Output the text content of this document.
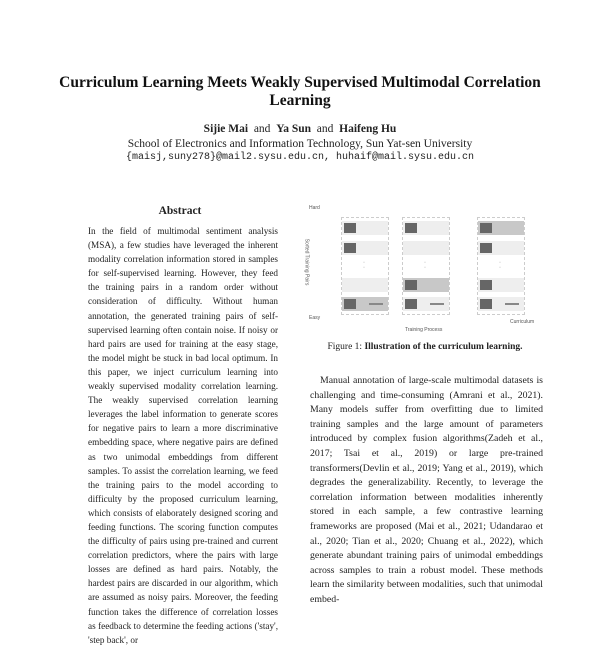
Curriculum Learning Meets Weakly Supervised Multimodal Correlation Learning
Sijie Mai and Ya Sun and Haifeng Hu
School of Electronics and Information Technology, Sun Yat-sen University
{maisj,suny278}@mail2.sysu.edu.cn, huhaif@mail.sysu.edu.cn
Abstract
In the field of multimodal sentiment analysis (MSA), a few studies have leveraged the inherent modality correlation information stored in samples for self-supervised learning. However, they feed the training pairs in a random order without consideration of difficulty. Without human annotation, the generated training pairs of self-supervised learning often contain noise. If noisy or hard pairs are used for training at the easy stage, the model might be stuck in bad local optimum. In this paper, we inject curriculum learning into weakly supervised modality correlation learning. The weakly supervised correlation learning leverages the label information to generate scores for negative pairs to learn a more discriminative embedding space, where negative pairs are defined as two unimodal embeddings from different samples. To assist the correlation learning, we feed the training pairs to the model according to difficulty by the proposed curriculum learning, which consists of elaborately designed scoring and feeding functions. The scoring function computes the difficulty of pairs using pre-trained and current correlation predictors, where the pairs with large losses are defined as hard pairs. Notably, the hardest pairs are discarded in our algorithm, which are assumed as noisy pairs. Moreover, the feeding function takes the difference of correlation losses as feedback to determine the feeding actions ('stay', 'step back', or
Hard
Easy
Sorted Training Pairs
Training Process
Curriculum
·
·
·
·
·
·
Figure 1: Illustration of the curriculum learning.
Manual annotation of large-scale multimodal datasets is challenging and time-consuming (Amrani et al., 2021). Many models suffer from overfitting due to limited training samples and the large amount of parameters introduced by complex fusion algorithms(Zadeh et al., 2017; Tsai et al., 2019) or large pre-trained transformers(Devlin et al., 2019; Yang et al., 2019), which degrades the generalizability. Recently, to leverage the correlation information between modalities inherently stored in each sample, a few contrastive learning frameworks are proposed (Mai et al., 2021; Udandarao et al., 2020; Tian et al., 2020; Chuang et al., 2022), which generate abundant training pairs of unimodal embeddings across samples to train a robust model. These methods learn the similarity between modalities, such that unimodal embed-
